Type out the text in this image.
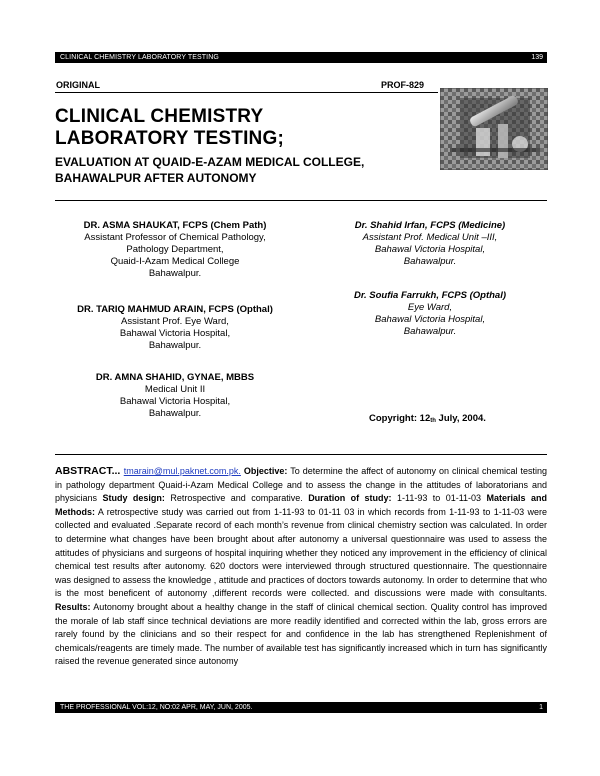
CLINICAL CHEMISTRY LABORATORY TESTING	139
ORIGINAL	PROF-829
CLINICAL CHEMISTRY
LABORATORY TESTING;
EVALUATION AT QUAID-E-AZAM MEDICAL COLLEGE,
BAHAWALPUR AFTER AUTONOMY
DR. ASMA SHAUKAT, FCPS (Chem Path)
Assistant Professor of Chemical Pathology,
Pathology Department,
Quaid-I-Azam Medical College
Bahawalpur.
DR. TARIQ MAHMUD ARAIN, FCPS (Opthal)
Assistant Prof. Eye Ward,
Bahawal Victoria Hospital,
Bahawalpur.
DR. AMNA SHAHID, GYNAE, MBBS
Medical Unit II
Bahawal Victoria Hospital,
Bahawalpur.
Dr. Shahid Irfan, FCPS (Medicine)
Assistant Prof. Medical Unit –III,
Bahawal Victoria Hospital,
Bahawalpur.
Dr. Soufia Farrukh, FCPS (Opthal)
Eye Ward,
Bahawal Victoria Hospital,
Bahawalpur.
Copyright: $12_{th}$ July, 2004.

ABSTRACT... tmarain@mul.paknet.com.pk. Objective: To determine the affect of autonomy on clinical chemical testing in pathology department Quaid-i-Azam Medical College and to assess the change in the attitudes of laboratorians and physicians Study design: Retrospective and comparative. Duration of study: 1-11-93 to 01-11-03 Materials and Methods: A retrospective study was carried out from 1-11-93 to 01-11 03 in which records from 1-11-93 to 1-11-03 were collected and evaluated .Separate record of each month’s revenue from clinical chemistry section was calculated. In order to determine what changes have been brought about after autonomy a universal questionnaire was used to assess the attitudes of physicians and surgeons of hospital inquiring whether they noticed any improvement in the efficiency of clinical chemical test results after autonomy. 620 doctors were interviewed through structured questionnaire. The questionnaire was designed to assess the knowledge , attitude and practices of doctors towards autonomy. In order to determine that who is the most beneficent of autonomy ,different records were collected. and discussions were made with consultants. Results: Autonomy brought about a healthy change in the staff of clinical chemical section. Quality control has improved the morale of lab staff since technical deviations are more readily identified and corrected within the lab, gross errors are rarely found by the clinicians and so their respect for and confidence in the lab has strengthened Replenishment of chemicals/reagents are timely made. The number of available test has significantly increased which in turn has significantly raised the revenue generated since autonomy

THE PROFESSIONAL VOL:12, NO:02 APR, MAY, JUN, 2005.	1
